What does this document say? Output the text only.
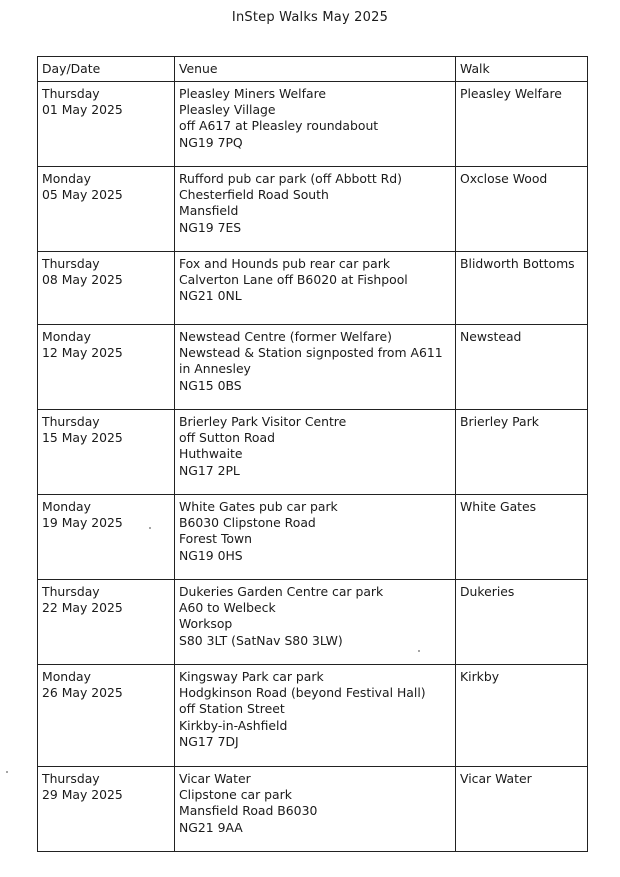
InStep Walks May 2025
Day/Date	Venue	Walk

Thursday
01 May 2025	Pleasley Miners Welfare
Pleasley Village
off A617 at Pleasley roundabout
NG19 7PQ	Pleasley Welfare

Monday
05 May 2025	Rufford pub car park (off Abbott Rd)
Chesterfield Road South
Mansfield
NG19 7ES	Oxclose Wood

Thursday
08 May 2025	Fox and Hounds pub rear car park
Calverton Lane off B6020 at Fishpool
NG21 0NL	Blidworth Bottoms

Monday
12 May 2025	Newstead Centre (former Welfare)
Newstead & Station signposted from A611
in Annesley
NG15 0BS	Newstead

Thursday
15 May 2025	Brierley Park Visitor Centre
off Sutton Road
Huthwaite
NG17 2PL	Brierley Park

Monday
19 May 2025	White Gates pub car park
B6030 Clipstone Road
Forest Town
NG19 0HS	White Gates

Thursday
22 May 2025	Dukeries Garden Centre car park
A60 to Welbeck
Worksop
S80 3LT (SatNav S80 3LW)	Dukeries

Monday
26 May 2025	Kingsway Park car park
Hodgkinson Road (beyond Festival Hall)
off Station Street
Kirkby-in-Ashfield
NG17 7DJ	Kirkby

Thursday
29 May 2025	Vicar Water
Clipstone car park
Mansfield Road B6030
NG21 9AA	Vicar Water
